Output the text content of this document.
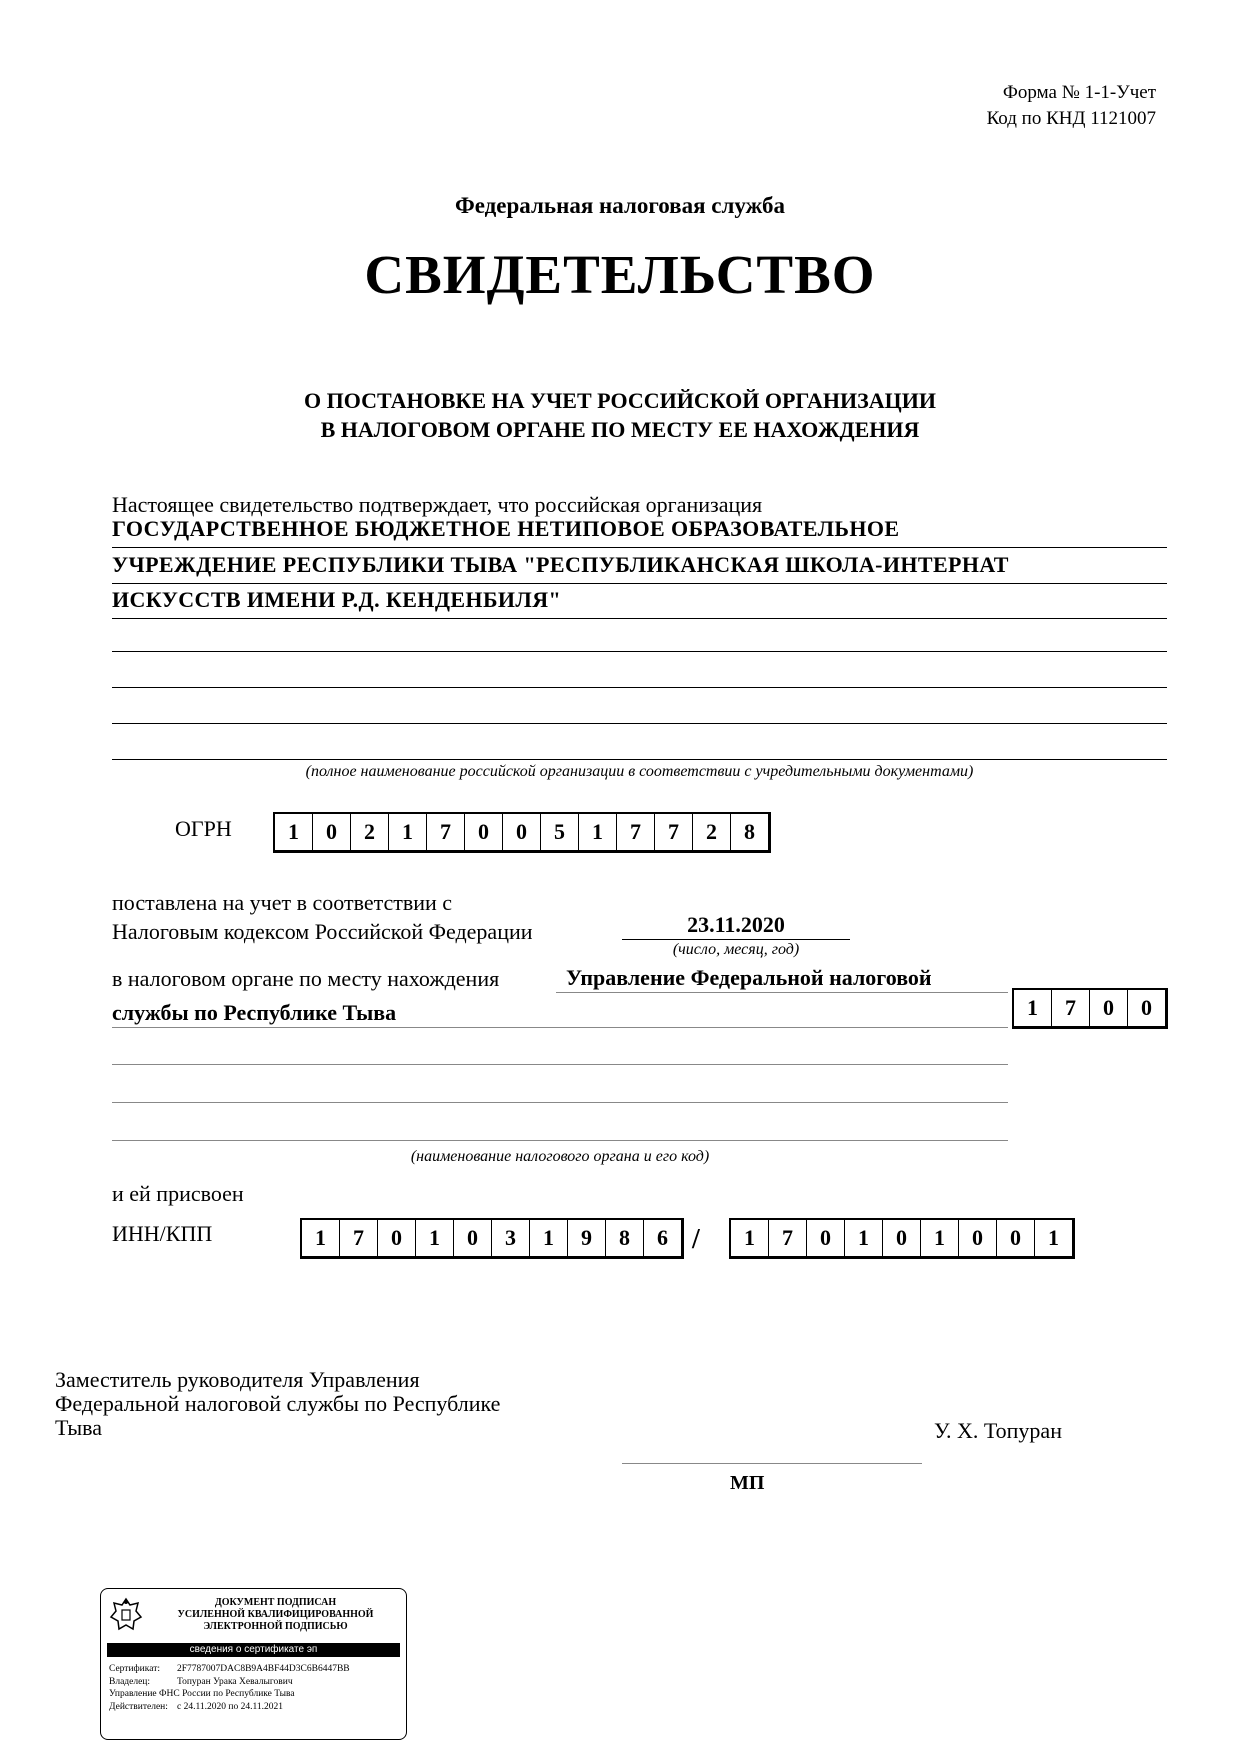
Форма № 1-1-Учет
Код по КНД 1121007
Федеральная налоговая служба
СВИДЕТЕЛЬСТВО
О ПОСТАНОВКЕ НА УЧЕТ РОССИЙСКОЙ ОРГАНИЗАЦИИ
В НАЛОГОВОМ ОРГАНЕ ПО МЕСТУ ЕЕ НАХОЖДЕНИЯ
Настоящее свидетельство подтверждает, что российская организация
ГОСУДАРСТВЕННОЕ БЮДЖЕТНОЕ НЕТИПОВОЕ ОБРАЗОВАТЕЛЬНОЕ
УЧРЕЖДЕНИЕ РЕСПУБЛИКИ ТЫВА "РЕСПУБЛИКАНСКАЯ ШКОЛА-ИНТЕРНАТ
ИСКУССТВ ИМЕНИ Р.Д. КЕНДЕНБИЛЯ"
(полное наименование российской организации в соответствии с учредительными документами)
ОГРН	1	0	2	1	7	0	0	5	1	7	7	2	8
поставлена на учет в соответствии с
Налоговым кодексом Российской Федерации	23.11.2020
(число, месяц, год)
в налоговом органе по месту нахождения	Управление Федеральной налоговой
службы по Республике Тыва	1	7	0	0
(наименование налогового органа и его код)
и ей присвоен
ИНН/КПП	1	7	0	1	0	3	1	9	8	6 /	1	7	0	1	0	1	0	0	1
Заместитель руководителя Управления
Федеральной налоговой службы по Республике
Тыва	У. Х. Топуран
МП
ДОКУМЕНТ ПОДПИСАН
УСИЛЕННОЙ КВАЛИФИЦИРОВАННОЙ
ЭЛЕКТРОННОЙ ПОДПИСЬЮ
сведения о сертификате эп
Сертификат:	2F7787007DAC8B9A4BF44D3C6B6447BB
Владелец:	Топуран Урака Хевалыгович
Управление ФНС России по Республике Тыва
Действителен: с 24.11.2020 по 24.11.2021
